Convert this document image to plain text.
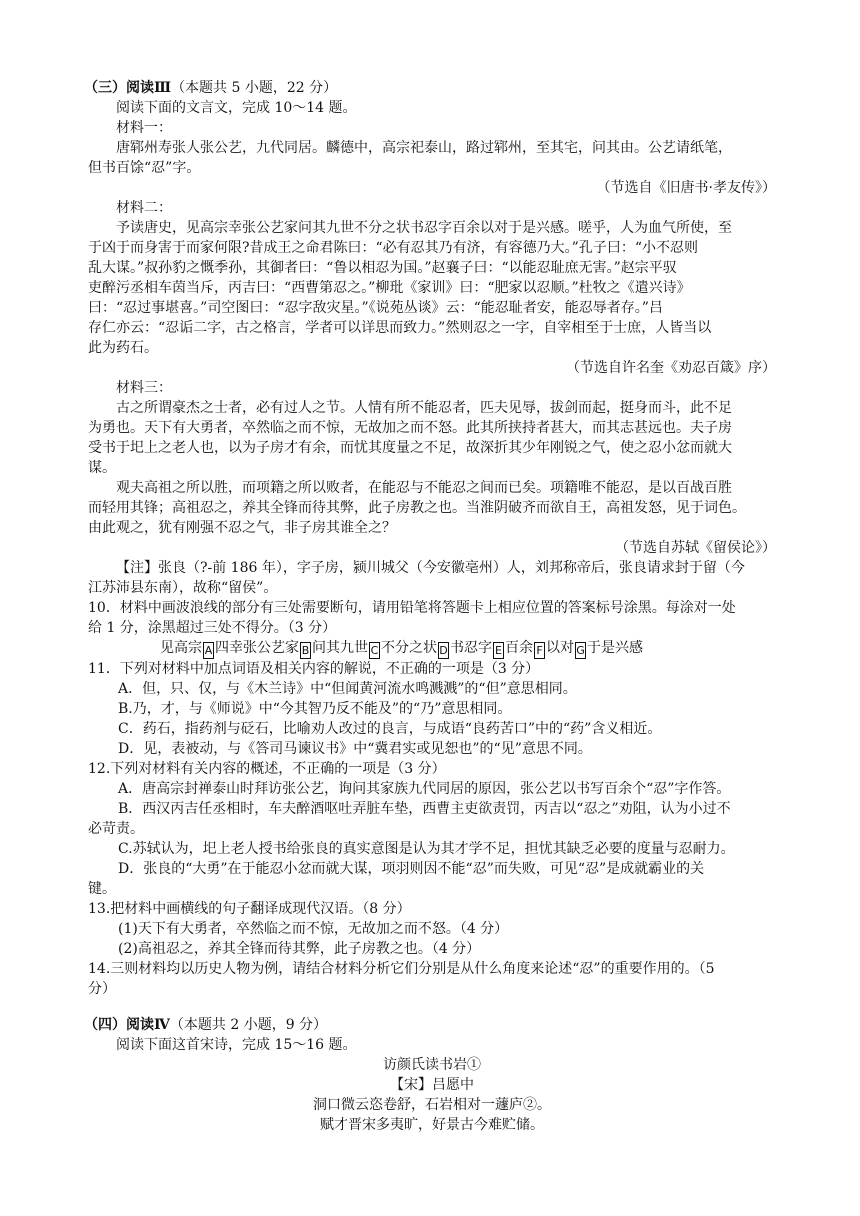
（三）阅读Ⅲ（本题共 5 小题，22 分）
阅读下面的文言文，完成 10～14 题。
材料一：
唐郓州寿张人张公艺，九代同居。麟德中，高宗祀泰山，路过郓州，至其宅，问其由。公艺请纸笔，
但书百馀“忍”字。
（节选自《旧唐书·孝友传》）
材料二：
予读唐史，见高宗幸张公艺家问其九世不分之状书忍字百余以对于是兴感。嗟乎，人为血气所使，至
于凶于而身害于而家何限?昔成王之命君陈曰：“必有忍其乃有济，有容德乃大。”孔子曰：“小不忍则
乱大谋。”叔孙豹之慨季孙，其御者曰：“鲁以相忍为国。”赵襄子曰：“以能忍耻庶无害。”赵宗平驭
吏醉污丞相车茵当斥，丙吉曰：“西曹第忍之。”柳玭《家训》曰：“肥家以忍顺。”杜牧之《遣兴诗》
曰：“忍过事堪喜。”司空图曰：“忍字敌灾星。”《说苑丛谈》云：“能忍耻者安，能忍辱者存。”吕
存仁亦云：“忍诟二字，古之格言，学者可以详思而致力。”然则忍之一字，自宰相至于士庶，人皆当以
此为药石。
（节选自许名奎《劝忍百箴》序）
材料三：
古之所谓豪杰之士者，必有过人之节。人情有所不能忍者，匹夫见辱，拔剑而起，挺身而斗，此不足
为勇也。天下有大勇者，卒然临之而不惊，无故加之而不怒。此其所挟持者甚大，而其志甚远也。夫子房
受书于圯上之老人也，以为子房才有余，而忧其度量之不足，故深折其少年刚锐之气，使之忍小忿而就大
谋。
观夫高祖之所以胜，而项籍之所以败者，在能忍与不能忍之间而已矣。项籍唯不能忍，是以百战百胜
而轻用其锋；高祖忍之，养其全锋而待其弊，此子房教之也。当淮阴破齐而欲自王，高祖发怒，见于词色。
由此观之，犹有刚强不忍之气，非子房其谁全之？
（节选自苏轼《留侯论》）
【注】张良（?-前 186 年），字子房，颍川城父（今安徽亳州）人，刘邦称帝后，张良请求封于留（今
江苏沛县东南），故称“留侯”。
10．材料中画波浪线的部分有三处需要断句，请用铅笔将答题卡上相应位置的答案标号涂黑。每涂对一处
给 1 分，涂黑超过三处不得分。（3 分）
见高宗 A 四幸张公艺家 B 问其九世 C 不分之状 D 书忍字 E 百余 F 以对 G 于是兴感
11．下列对材料中加点词语及相关内容的解说，不正确的一项是（3 分）
A．但，只、仅，与《木兰诗》中“但闻黄河流水鸣溅溅”的“但”意思相同。
B.乃，才，与《师说》中“今其智乃反不能及”的“乃”意思相同。
C．药石，指药剂与砭石，比喻劝人改过的良言，与成语“良药苦口”中的“药”含义相近。
D．见，表被动，与《答司马谏议书》中“冀君实或见恕也”的“见”意思不同。
12.下列对材料有关内容的概述，不正确的一项是（3 分）
A．唐高宗封禅泰山时拜访张公艺，询问其家族九代同居的原因，张公艺以书写百余个“忍”字作答。
B．西汉丙吉任丞相时，车夫醉酒呕吐弄脏车垫，西曹主吏欲责罚，丙吉以“忍之”劝阻，认为小过不
必苛责。
C.苏轼认为，圯上老人授书给张良的真实意图是认为其才学不足，担忧其缺乏必要的度量与忍耐力。
D．张良的“大勇”在于能忍小忿而就大谋，项羽则因不能“忍”而失败，可见“忍”是成就霸业的关
键。
13.把材料中画横线的句子翻译成现代汉语。（8 分）
(1)天下有大勇者，卒然临之而不惊，无故加之而不怒。（4 分）
(2)高祖忍之，养其全锋而待其弊，此子房教之也。（4 分）
14.三则材料均以历史人物为例，请结合材料分析它们分别是从什么角度来论述“忍”的重要作用的。（5
分）
（四）阅读Ⅳ（本题共 2 小题，9 分）
阅读下面这首宋诗，完成 15～16 题。
访颜氏读书岩①
【宋】吕愿中
洞口微云恣卷舒，石岩相对一蘧庐②。
赋才晋宋多夷旷，好景古今难贮储。
